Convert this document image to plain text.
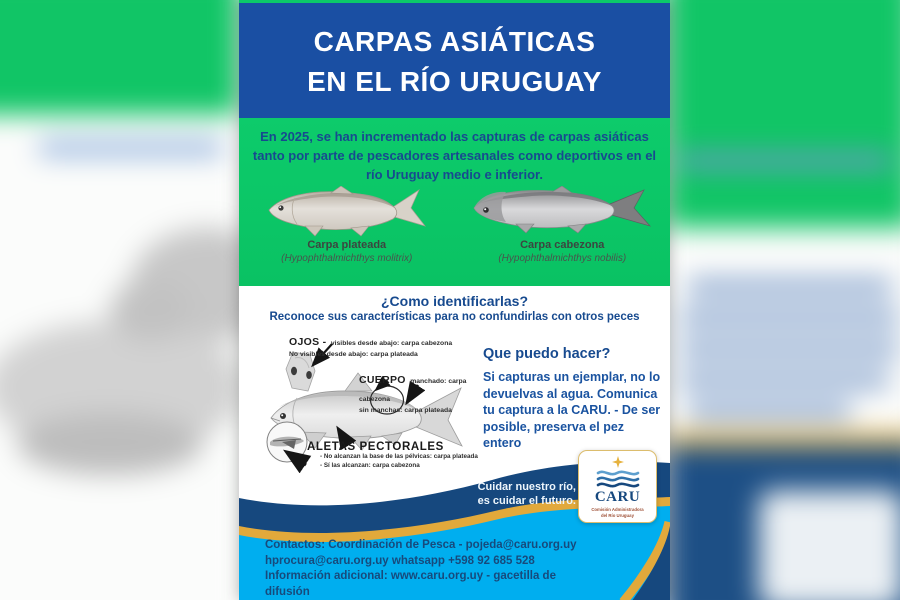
CARPAS ASIÁTICAS
EN EL RÍO URUGUAY
En 2025, se han incrementado las capturas de carpas asiáticas tanto por parte de pescadores artesanales como deportivos en el río Uruguay medio e inferior.
Carpa plateada
(Hypophthalmichthys molitrix)
Carpa cabezona
(Hypophthalmichthys nobilis)
¿Como identificarlas?
Reconoce sus características para no confundirlas con otros peces
OJOS - visibles desde abajo: carpa cabezona
No visibles desde abajo: carpa plateada
CUERPO manchado: carpa cabezona
sin manchas: carpa plateada
ALETAS PECTORALES
- No alcanzan la base de las pélvicas: carpa plateada
- Sí las alcanzan: carpa cabezona
Que puedo hacer?
Si capturas un ejemplar, no lo devuelvas al agua. Comunica tu captura a la CARU. - De ser posible, preserva el pez entero
Cuidar nuestro río,
es cuidar el futuro. CARU
Comisión Administradora
del Río Uruguay
Contactos: Coordinación de Pesca - pojeda@caru.org.uy
hprocura@caru.org.uy whatsapp +598 92 685 528
Información adicional: www.caru.org.uy - gacetilla de difusión
